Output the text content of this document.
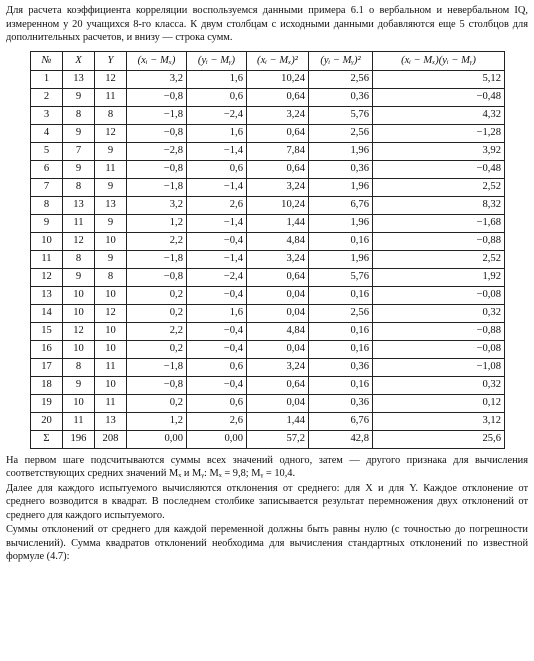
Для расчета коэффициента корреляции воспользуемся данными примера 6.1 о вербальном и невербальном IQ, измеренном у 20 учащихся 8-го класса. К двум столбцам с исходными данными добавляются еще 5 столбцов для дополнительных расчетов, и внизу — строка сумм.

№	X	Y	(xᵢ − Mₓ)	(yᵢ − Mᵧ)	(xᵢ − Mₓ)²	(yᵢ − Mᵧ)²	(xᵢ − Mₓ)(yᵢ − Mᵧ)
1	13	12	3,2	1,6	10,24	2,56	5,12
2	9	11	−0,8	0,6	0,64	0,36	−0,48
3	8	8	−1,8	−2,4	3,24	5,76	4,32
4	9	12	−0,8	1,6	0,64	2,56	−1,28
5	7	9	−2,8	−1,4	7,84	1,96	3,92
6	9	11	−0,8	0,6	0,64	0,36	−0,48
7	8	9	−1,8	−1,4	3,24	1,96	2,52
8	13	13	3,2	2,6	10,24	6,76	8,32
9	11	9	1,2	−1,4	1,44	1,96	−1,68
10	12	10	2,2	−0,4	4,84	0,16	−0,88
11	8	9	−1,8	−1,4	3,24	1,96	2,52
12	9	8	−0,8	−2,4	0,64	5,76	1,92
13	10	10	0,2	−0,4	0,04	0,16	−0,08
14	10	12	0,2	1,6	0,04	2,56	0,32
15	12	10	2,2	−0,4	4,84	0,16	−0,88
16	10	10	0,2	−0,4	0,04	0,16	−0,08
17	8	11	−1,8	0,6	3,24	0,36	−1,08
18	9	10	−0,8	−0,4	0,64	0,16	0,32
19	10	11	0,2	0,6	0,04	0,36	0,12
20	11	13	1,2	2,6	1,44	6,76	3,12
Σ	196	208	0,00	0,00	57,2	42,8	25,6

На первом шаге подсчитываются суммы всех значений одного, затем — другого признака для вычисления соответствующих средних значений Mₓ и Mᵧ: Mₓ = 9,8; Mᵧ = 10,4.

Далее для каждого испытуемого вычисляются отклонения от среднего: для X и для Y. Каждое отклонение от среднего возводится в квадрат. В последнем столбике записывается результат перемножения двух отклонений от среднего для каждого испытуемого.

Суммы отклонений от среднего для каждой переменной должны быть равны нулю (с точностью до погрешности вычислений). Сумма квадратов отклонений необходима для вычисления стандартных отклонений по известной формуле (4.7):
